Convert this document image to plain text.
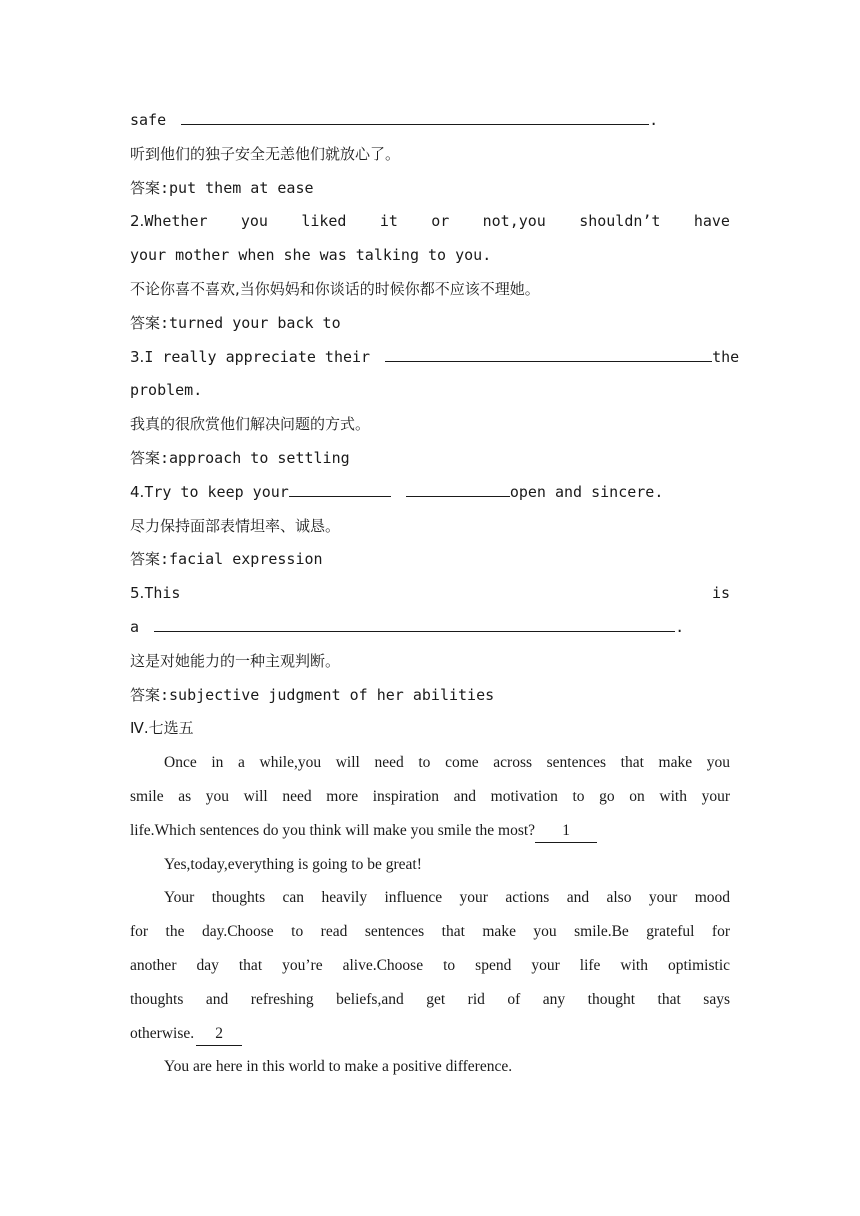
safe	.
听到他们的独子安全无恙他们就放心了。
答案:put them at ease
2.Whether you liked it or not,you shouldn’t have
your mother when she was talking to you.
不论你喜不喜欢,当你妈妈和你谈话的时候你都不应该不理她。
答案:turned your back to
3.I really appreciate their	the
problem.
我真的很欣赏他们解决问题的方式。
答案:approach to settling
4.Try to keep your	open and sincere.
尽力保持面部表情坦率、诚恳。
答案:facial expression
5.This	is
a	.
这是对她能力的一种主观判断。
答案:subjective judgment of her abilities
Ⅳ.七选五
Once in a while,you will need to come across sentences that make you
smile as you will need more inspiration and motivation to go on with your
life.Which sentences do you think will make you smile the most? 1
Yes,today,everything is going to be great!
Your thoughts can heavily influence your actions and also your mood
for the day.Choose to read sentences that make you smile.Be grateful for
another day that you’re alive.Choose to spend your life with optimistic
thoughts and refreshing beliefs,and get rid of any thought that says
otherwise. 2
You are here in this world to make a positive difference.
